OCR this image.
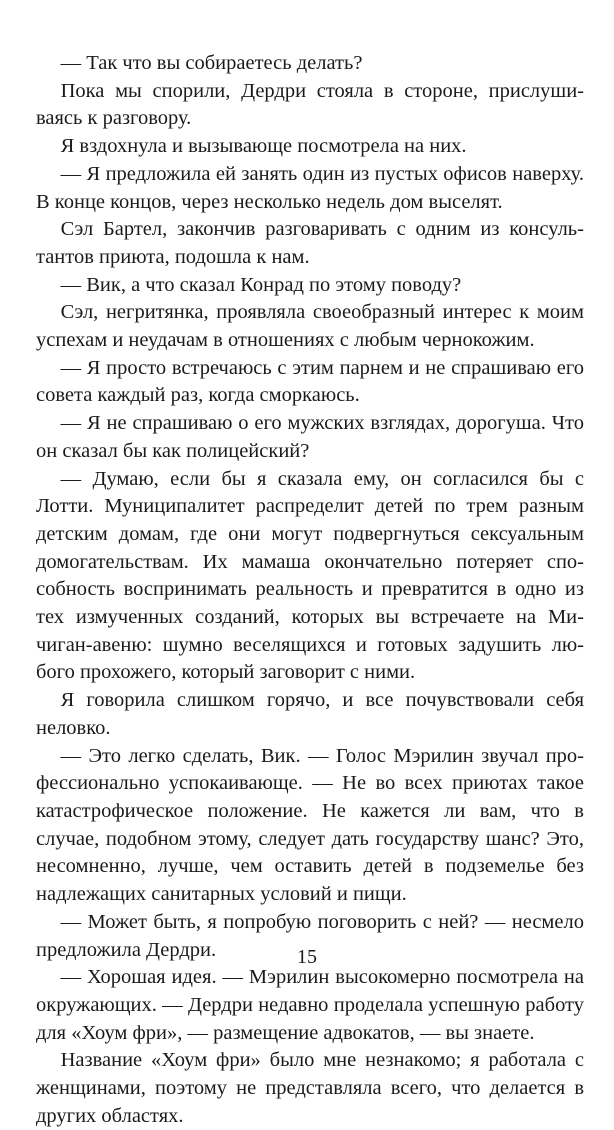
— Так что вы собираетесь делать?

Пока мы спорили, Дердри стояла в стороне, прислушиваясь к разговору.

Я вздохнула и вызывающе посмотрела на них.

— Я предложила ей занять один из пустых офисов наверху. В конце концов, через несколько недель дом выселят.

Сэл Бартел, закончив разговаривать с одним из консультантов приюта, подошла к нам.

— Вик, а что сказал Конрад по этому поводу?

Сэл, негритянка, проявляла своеобразный интерес к моим успехам и неудачам в отношениях с любым чернокожим.

— Я просто встречаюсь с этим парнем и не спрашиваю его совета каждый раз, когда сморкаюсь.

— Я не спрашиваю о его мужских взглядах, дорогуша. Что он сказал бы как полицейский?

— Думаю, если бы я сказала ему, он согласился бы с Лотти. Муниципалитет распределит детей по трем разным детским домам, где они могут подвергнуться сексуальным домогательствам. Их мамаша окончательно потеряет способность воспринимать реальность и превратится в одно из тех измученных созданий, которых вы встречаете на Мичиган-авеню: шумно веселящихся и готовых задушить любого прохожего, который заговорит с ними.

Я говорила слишком горячо, и все почувствовали себя неловко.

— Это легко сделать, Вик. — Голос Мэрилин звучал профессионально успокаивающе. — Не во всех приютах такое катастрофическое положение. Не кажется ли вам, что в случае, подобном этому, следует дать государству шанс? Это, несомненно, лучше, чем оставить детей в подземелье без надлежащих санитарных условий и пищи.

— Может быть, я попробую поговорить с ней? — несмело предложила Дердри.

— Хорошая идея. — Мэрилин высокомерно посмотрела на окружающих. — Дердри недавно проделала успешную работу для «Хоум фри», — размещение адвокатов, — вы знаете.

Название «Хоум фри» было мне незнакомо; я работала с женщинами, поэтому не представляла всего, что делается в других областях.

15
